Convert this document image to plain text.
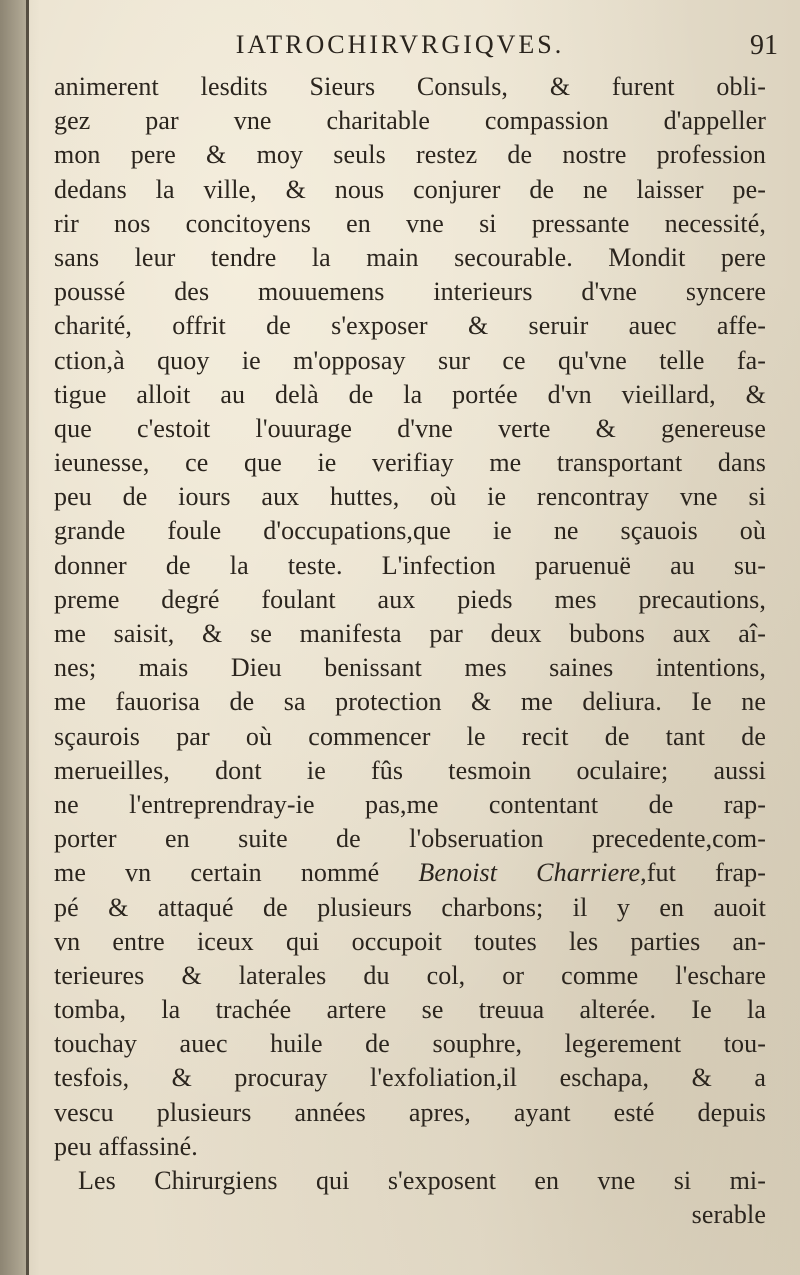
IATROCHIRVRGIQVES.	91
animerent lesdits Sieurs Consuls, & furent obli-
gez par vne charitable compassion d'appeller
mon pere & moy seuls restez de nostre profession
dedans la ville, & nous conjurer de ne laisser pe-
rir nos concitoyens en vne si pressante necessité,
sans leur tendre la main secourable. Mondit pere
poussé des mouuemens interieurs d'vne syncere
charité, offrit de s'exposer & seruir auec affe-
ction,à quoy ie m'opposay sur ce qu'vne telle fa-
tigue alloit au delà de la portée d'vn vieillard, &
que c'estoit l'ouurage d'vne verte & genereuse
ieunesse, ce que ie verifiay me transportant dans
peu de iours aux huttes, où ie rencontray vne si
grande foule d'occupations,que ie ne sçauois où
donner de la teste. L'infection paruenuë au su-
preme degré foulant aux pieds mes precautions,
me saisit, & se manifesta par deux bubons aux aî-
nes; mais Dieu benissant mes saines intentions,
me fauorisa de sa protection & me deliura. Ie ne
sçaurois par où commencer le recit de tant de
merueilles, dont ie fûs tesmoin oculaire; aussi
ne l'entreprendray-ie pas,me contentant de rap-
porter en suite de l'obseruation precedente,com-
me vn certain nommé Benoist Charriere,fut frap-
pé & attaqué de plusieurs charbons; il y en auoit
vn entre iceux qui occupoit toutes les parties an-
terieures & laterales du col, or comme l'eschare
tomba, la trachée artere se treuua alterée. Ie la
touchay auec huile de souphre, legerement tou-
tesfois, & procuray l'exfoliation,il eschapa, & a
vescu plusieurs années apres, ayant esté depuis
peu affassiné.
Les Chirurgiens qui s'exposent en vne si mi-
serable
